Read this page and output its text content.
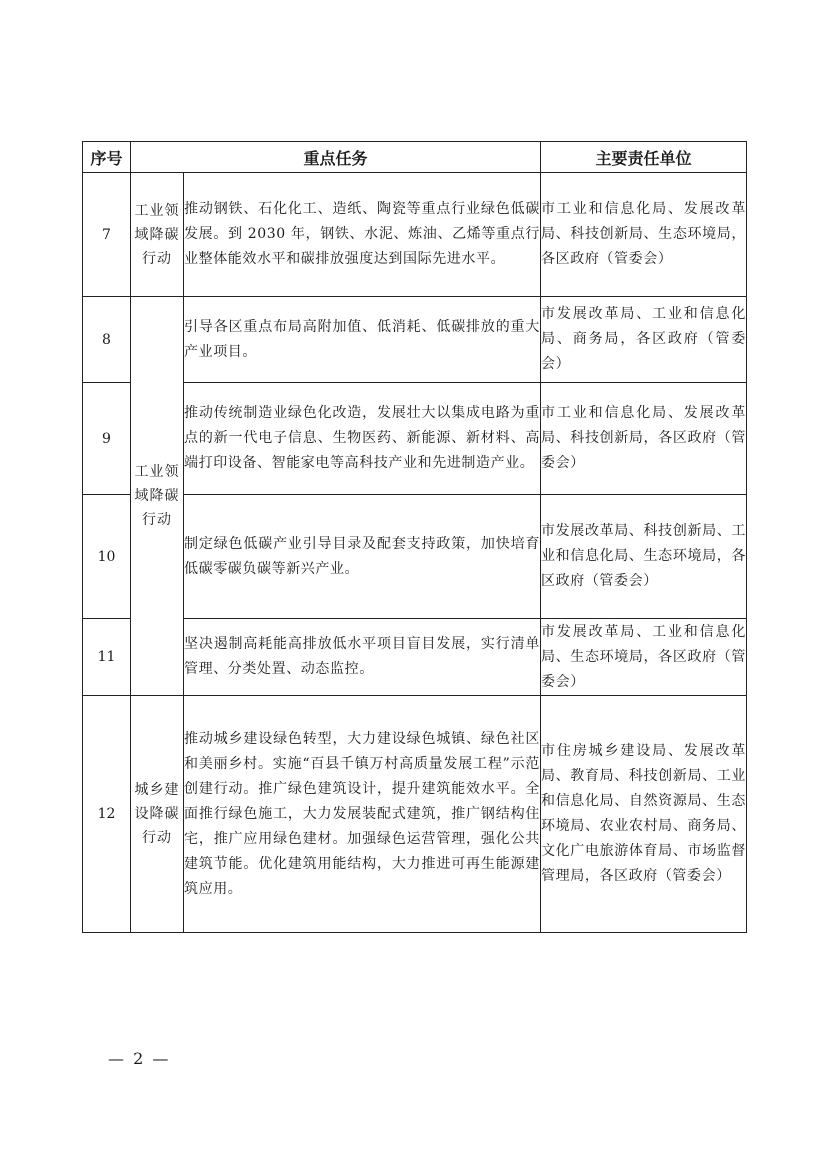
序号	重点任务		主要责任单位
7	工业领域降碳行动	推动钢铁、石化化工、造纸、陶瓷等重点行业绿色低碳发展。到 2030 年，钢铁、水泥、炼油、乙烯等重点行业整体能效水平和碳排放强度达到国际先进水平。	市工业和信息化局、发展改革局、科技创新局、生态环境局，各区政府（管委会）
8	工业领域降碳行动	引导各区重点布局高附加值、低消耗、低碳排放的重大产业项目。	市发展改革局、工业和信息化局、商务局，各区政府（管委会）
9		推动传统制造业绿色化改造，发展壮大以集成电路为重点的新一代电子信息、生物医药、新能源、新材料、高端打印设备、智能家电等高科技产业和先进制造产业。	市工业和信息化局、发展改革局、科技创新局，各区政府（管委会）
10		制定绿色低碳产业引导目录及配套支持政策，加快培育低碳零碳负碳等新兴产业。	市发展改革局、科技创新局、工业和信息化局、生态环境局，各区政府（管委会）
11		坚决遏制高耗能高排放低水平项目盲目发展，实行清单管理、分类处置、动态监控。	市发展改革局、工业和信息化局、生态环境局，各区政府（管委会）
12	城乡建设降碳行动	推动城乡建设绿色转型，大力建设绿色城镇、绿色社区和美丽乡村。实施“百县千镇万村高质量发展工程”示范创建行动。推广绿色建筑设计，提升建筑能效水平。全面推行绿色施工，大力发展装配式建筑，推广钢结构住宅，推广应用绿色建材。加强绿色运营管理，强化公共建筑节能。优化建筑用能结构，大力推进可再生能源建筑应用。	市住房城乡建设局、发展改革局、教育局、科技创新局、工业和信息化局、自然资源局、生态环境局、农业农村局、商务局、文化广电旅游体育局、市场监督管理局，各区政府（管委会）
— 2 —
